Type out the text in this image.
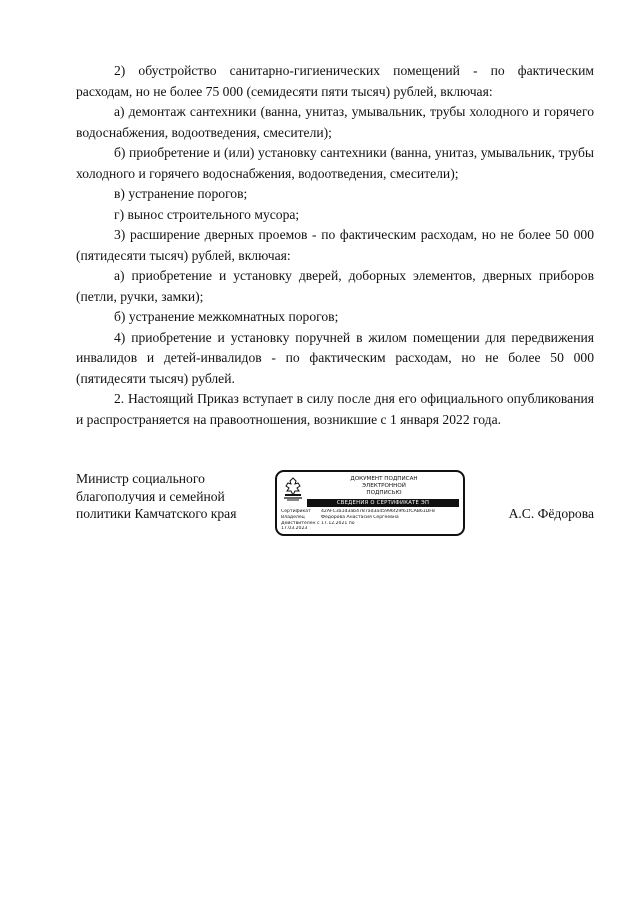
2) обустройство санитарно-гигиенических помещений - по фактическим расходам, но не более 75 000 (семидесяти пяти тысяч) рублей, включая:

а) демонтаж сантехники (ванна, унитаз, умывальник, трубы холодного и горячего водоснабжения, водоотведения, смесители);

б) приобретение и (или) установку сантехники (ванна, унитаз, умывальник, трубы холодного и горячего водоснабжения, водоотведения, смесители);

в) устранение порогов;

г) вынос строительного мусора;

3) расширение дверных проемов - по фактическим расходам, но не более 50 000 (пятидесяти тысяч) рублей, включая:

а) приобретение и установку дверей, доборных элементов, дверных приборов (петли, ручки, замки);

б) устранение межкомнатных порогов;

4) приобретение и установку поручней в жилом помещении для передвижения инвалидов и детей-инвалидов - по фактическим расходам, но не более 50 000 (пятидесяти тысяч) рублей.

2. Настоящий Приказ вступает в силу после дня его официального опубликования и распространяется на правоотношения, возникшие с 1 января 2022 года.

Министр социального
благополучия и семейной
политики Камчатского края
ДОКУМЕНТ ПОДПИСАН
ЭЛЕКТРОННОЙ
ПОДПИСЬЮ
СВЕДЕНИЯ О СЕРТИФИКАТЕ ЭП
Сертификат	42AFC3a1d3ab4787ad3a45996f29f61fCAB61DF8
Владелец	Федорова Анастасия Сергеевна
Действителен с 17.12.2021 по
17.03.2023
А.С. Фёдорова
